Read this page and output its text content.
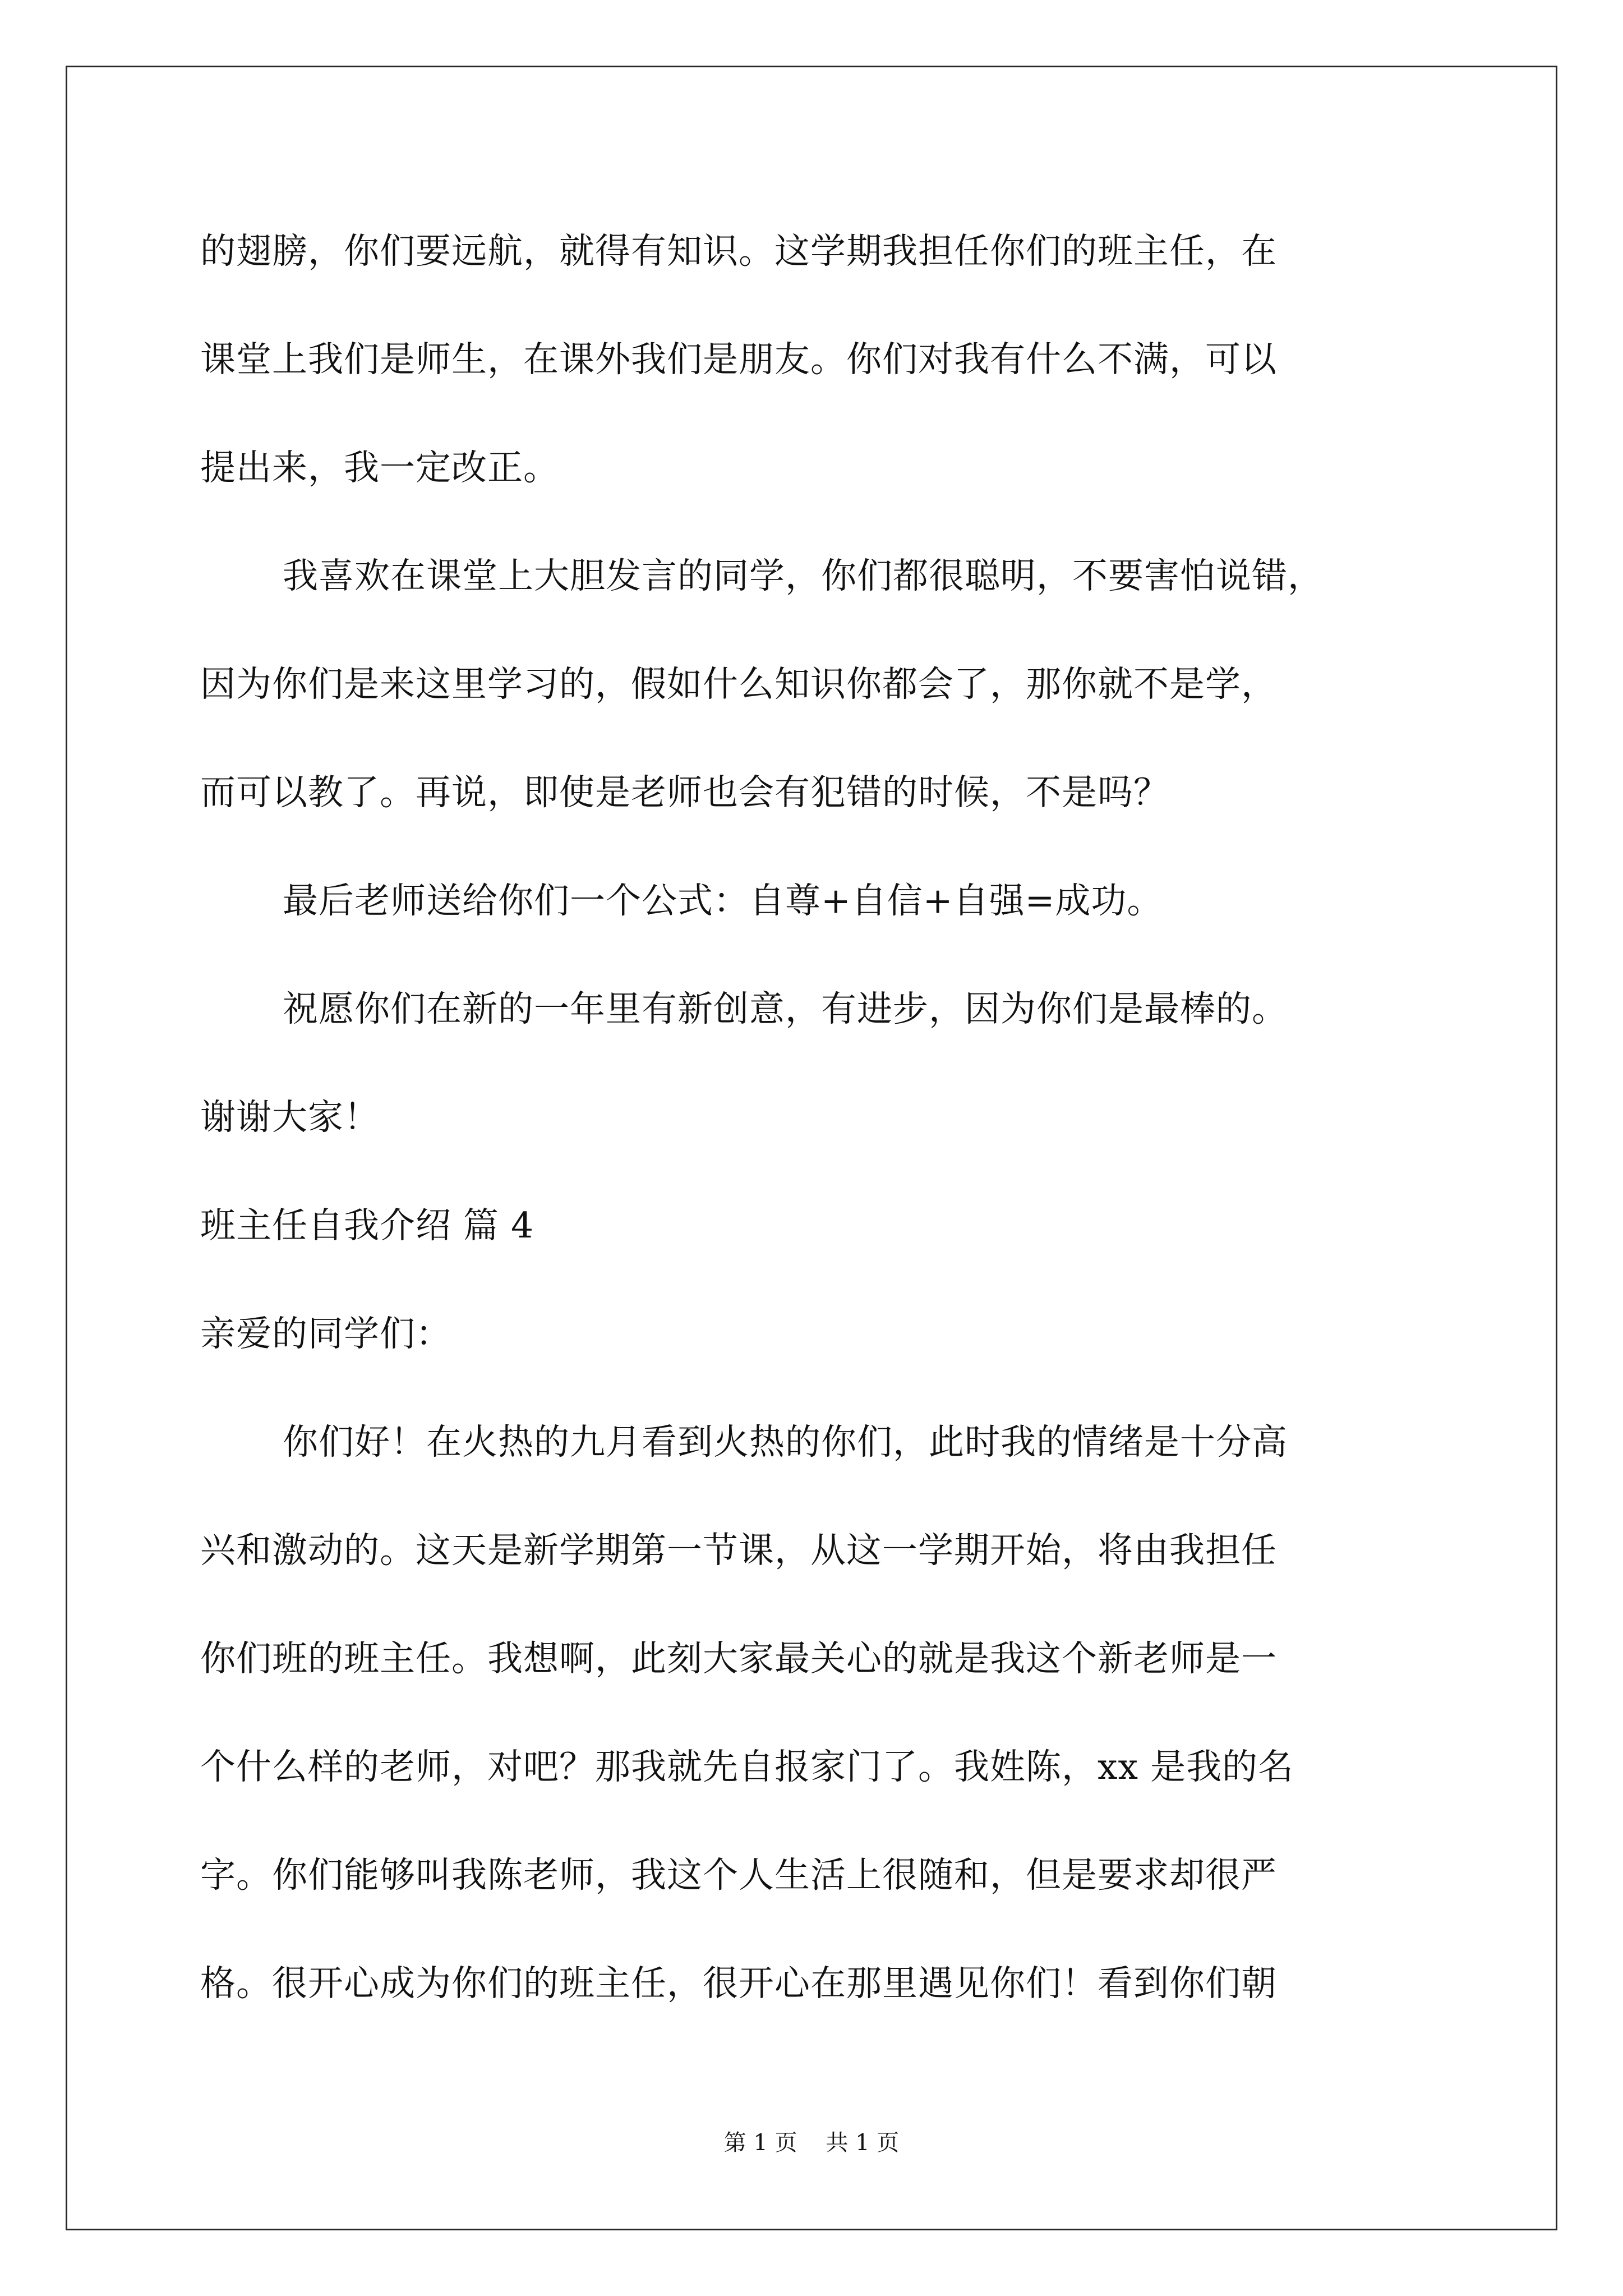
的翅膀，你们要远航，就得有知识。这学期我担任你们的班主任，在
课堂上我们是师生，在课外我们是朋友。你们对我有什么不满，可以
提出来，我一定改正。
我喜欢在课堂上大胆发言的同学，你们都很聪明，不要害怕说错，
因为你们是来这里学习的，假如什么知识你都会了，那你就不是学，
而可以教了。再说，即使是老师也会有犯错的时候，不是吗？
最后老师送给你们一个公式：自尊+自信+自强=成功。
祝愿你们在新的一年里有新创意，有进步，因为你们是最棒的。
谢谢大家！
班主任自我介绍 篇 4
亲爱的同学们：
你们好！在火热的九月看到火热的你们，此时我的情绪是十分高
兴和激动的。这天是新学期第一节课，从这一学期开始，将由我担任
你们班的班主任。我想啊，此刻大家最关心的就是我这个新老师是一
个什么样的老师，对吧？那我就先自报家门了。我姓陈，xx 是我的名
字。你们能够叫我陈老师，我这个人生活上很随和，但是要求却很严
格。很开心成为你们的班主任，很开心在那里遇见你们！看到你们朝
第 1 页    共 1 页
